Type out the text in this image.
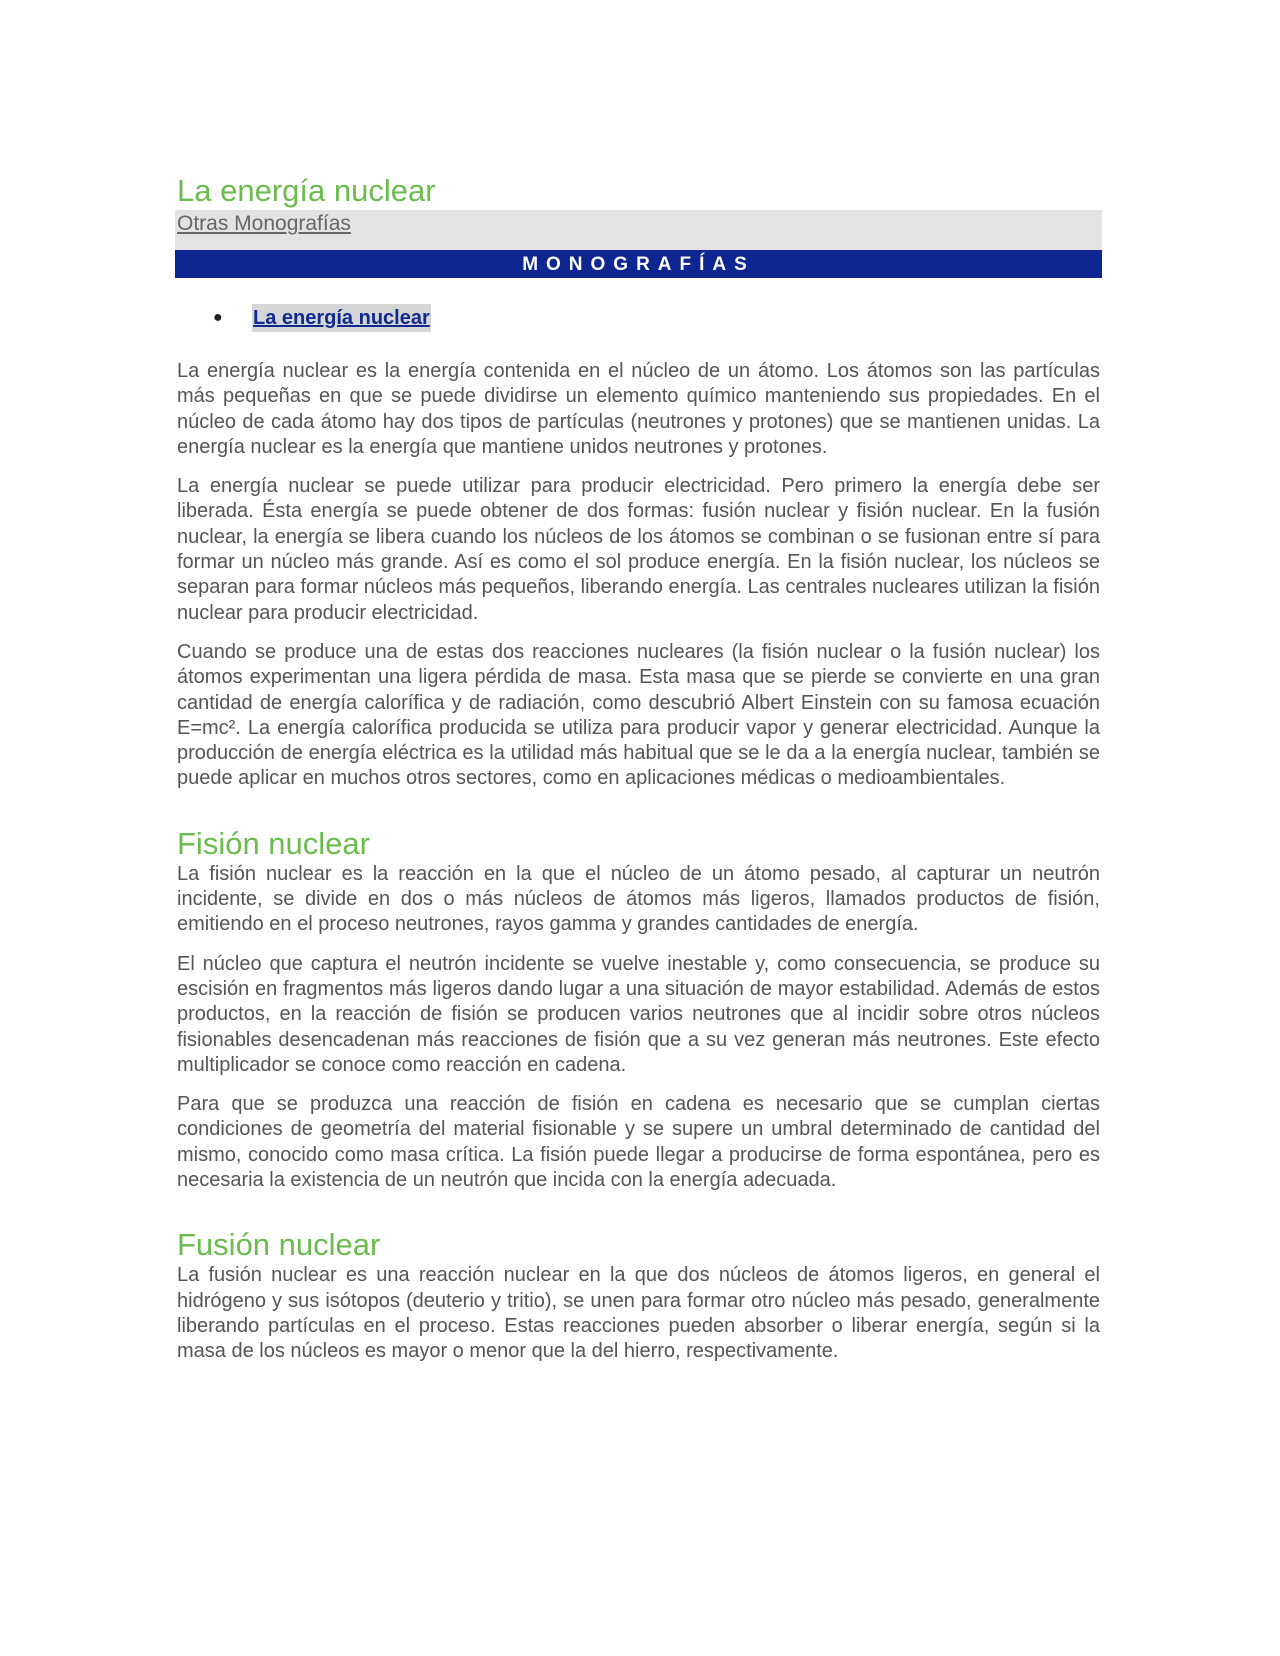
La energía nuclear
Otras Monografías
MONOGRAFÍAS
● La energía nuclear

La energía nuclear es la energía contenida en el núcleo de un átomo. Los átomos son las partículas más pequeñas en que se puede dividirse un elemento químico manteniendo sus propiedades. En el núcleo de cada átomo hay dos tipos de partículas (neutrones y protones) que se mantienen unidas. La energía nuclear es la energía que mantiene unidos neutrones y protones.

La energía nuclear se puede utilizar para producir electricidad. Pero primero la energía debe ser liberada. Ésta energía se puede obtener de dos formas: fusión nuclear y fisión nuclear. En la fusión nuclear, la energía se libera cuando los núcleos de los átomos se combinan o se fusionan entre sí para formar un núcleo más grande. Así es como el sol produce energía. En la fisión nuclear, los núcleos se separan para formar núcleos más pequeños, liberando energía. Las centrales nucleares utilizan la fisión nuclear para producir electricidad.

Cuando se produce una de estas dos reacciones nucleares (la fisión nuclear o la fusión nuclear) los átomos experimentan una ligera pérdida de masa. Esta masa que se pierde se convierte en una gran cantidad de energía calorífica y de radiación, como descubrió Albert Einstein con su famosa ecuación E=mc². La energía calorífica producida se utiliza para producir vapor y generar electricidad. Aunque la producción de energía eléctrica es la utilidad más habitual que se le da a la energía nuclear, también se puede aplicar en muchos otros sectores, como en aplicaciones médicas o medioambientales.

Fisión nuclear

La fisión nuclear es la reacción en la que el núcleo de un átomo pesado, al capturar un neutrón incidente, se divide en dos o más núcleos de átomos más ligeros, llamados productos de fisión, emitiendo en el proceso neutrones, rayos gamma y grandes cantidades de energía.

El núcleo que captura el neutrón incidente se vuelve inestable y, como consecuencia, se produce su escisión en fragmentos más ligeros dando lugar a una situación de mayor estabilidad. Además de estos productos, en la reacción de fisión se producen varios neutrones que al incidir sobre otros núcleos fisionables desencadenan más reacciones de fisión que a su vez generan más neutrones. Este efecto multiplicador se conoce como reacción en cadena.

Para que se produzca una reacción de fisión en cadena es necesario que se cumplan ciertas condiciones de geometría del material fisionable y se supere un umbral determinado de cantidad del mismo, conocido como masa crítica. La fisión puede llegar a producirse de forma espontánea, pero es necesaria la existencia de un neutrón que incida con la energía adecuada.

Fusión nuclear

La fusión nuclear es una reacción nuclear en la que dos núcleos de átomos ligeros, en general el hidrógeno y sus isótopos (deuterio y tritio), se unen para formar otro núcleo más pesado, generalmente liberando partículas en el proceso. Estas reacciones pueden absorber o liberar energía, según si la masa de los núcleos es mayor o menor que la del hierro, respectivamente.
